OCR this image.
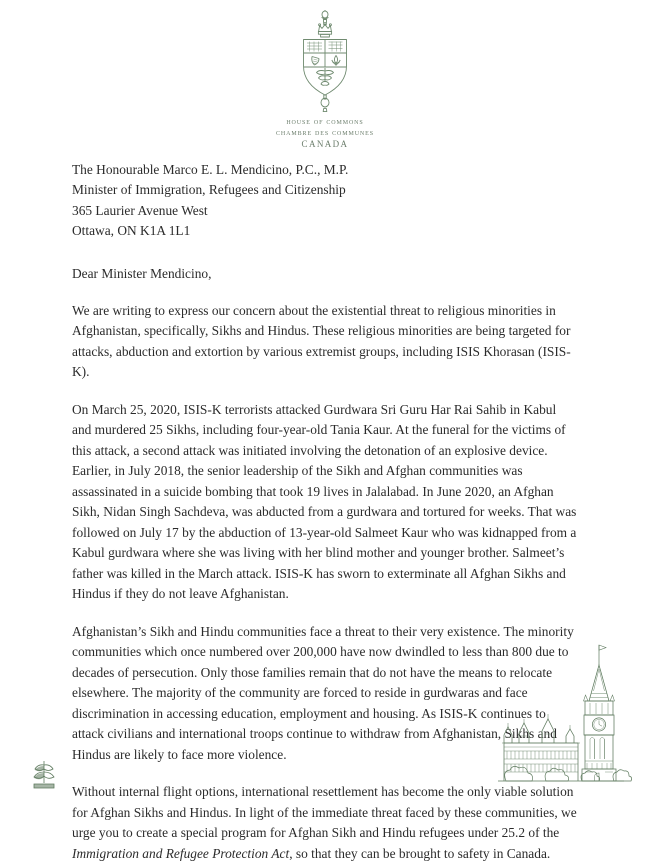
house of commons
chambre des communes
CANADA
The Honourable Marco E. L. Mendicino, P.C., M.P.
Minister of Immigration, Refugees and Citizenship
365 Laurier Avenue West
Ottawa, ON K1A 1L1
Dear Minister Mendicino,

We are writing to express our concern about the existential threat to religious minorities in Afghanistan, specifically, Sikhs and Hindus. These religious minorities are being targeted for attacks, abduction and extortion by various extremist groups, including ISIS Khorasan (ISIS-K).

On March 25, 2020, ISIS-K terrorists attacked Gurdwara Sri Guru Har Rai Sahib in Kabul and murdered 25 Sikhs, including four-year-old Tania Kaur. At the funeral for the victims of this attack, a second attack was initiated involving the detonation of an explosive device. Earlier, in July 2018, the senior leadership of the Sikh and Afghan communities was assassinated in a suicide bombing that took 19 lives in Jalalabad. In June 2020, an Afghan Sikh, Nidan Singh Sachdeva, was abducted from a gurdwara and tortured for weeks. That was followed on July 17 by the abduction of 13-year-old Salmeet Kaur who was kidnapped from a Kabul gurdwara where she was living with her blind mother and younger brother. Salmeet’s father was killed in the March attack. ISIS-K has sworn to exterminate all Afghan Sikhs and Hindus if they do not leave Afghanistan.

Afghanistan’s Sikh and Hindu communities face a threat to their very existence. The minority communities which once numbered over 200,000 have now dwindled to less than 800 due to decades of persecution. Only those families remain that do not have the means to relocate elsewhere. The majority of the community are forced to reside in gurdwaras and face discrimination in accessing education, employment and housing. As ISIS-K continues to attack civilians and international troops continue to withdraw from Afghanistan, Sikhs and Hindus are likely to face more violence.

Without internal flight options, international resettlement has become the only viable solution for Afghan Sikhs and Hindus. In light of the immediate threat faced by these communities, we urge you to create a special program for Afghan Sikh and Hindu refugees under 25.2 of the Immigration and Refugee Protection Act, so that they can be brought to safety in Canada.
